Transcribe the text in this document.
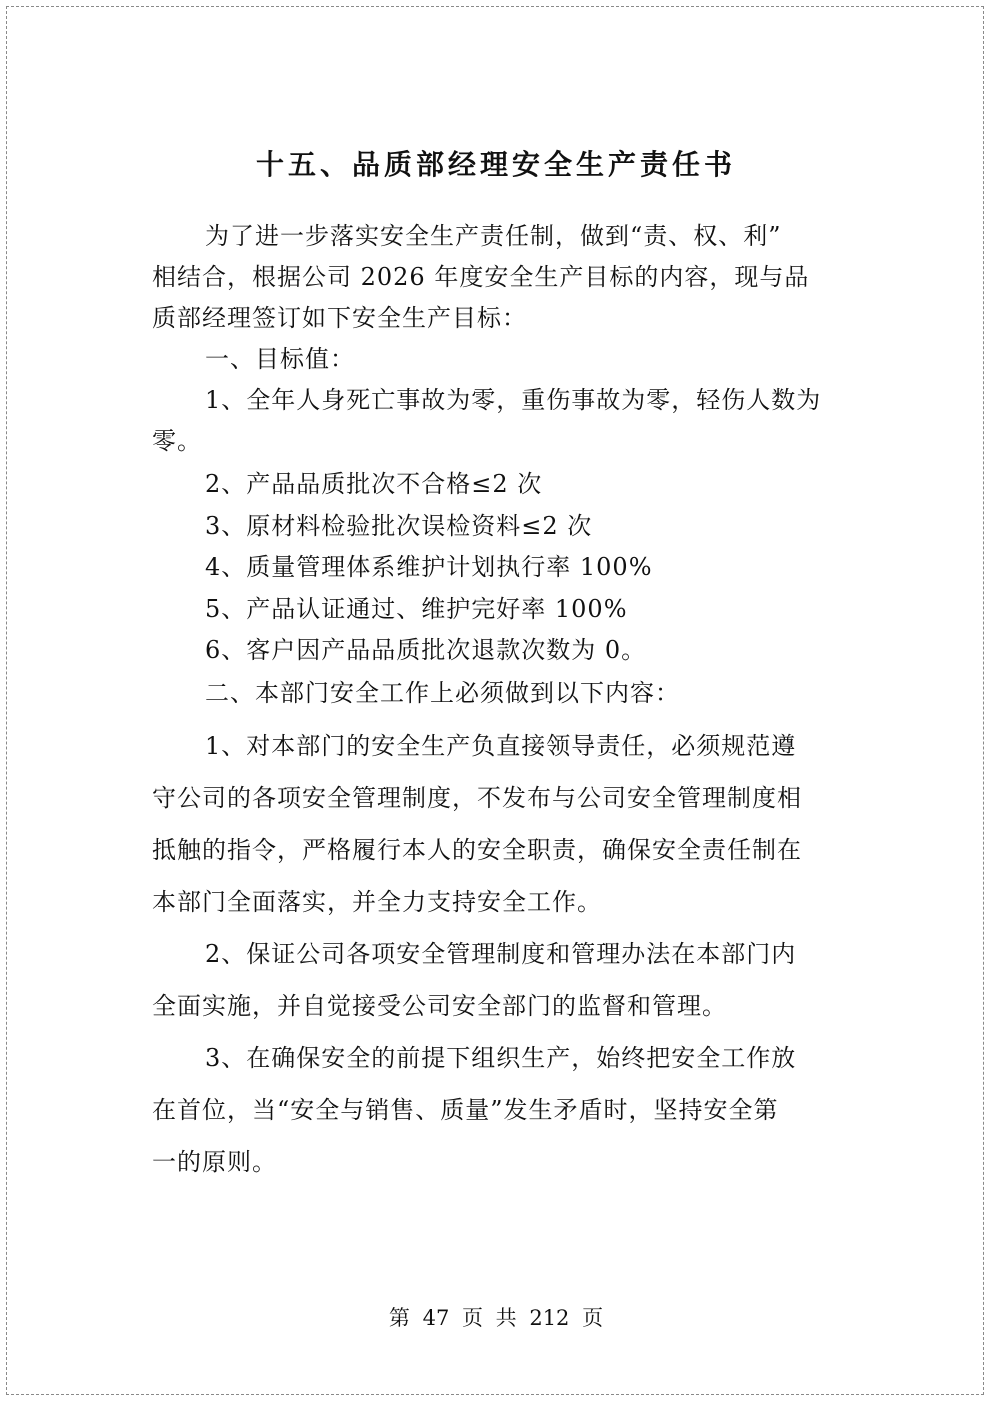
十五、品质部经理安全生产责任书
为了进一步落实安全生产责任制，做到“责、权、利”
相结合，根据公司 2026 年度安全生产目标的内容，现与品
质部经理签订如下安全生产目标：
一、目标值：
1、全年人身死亡事故为零，重伤事故为零，轻伤人数为
零。
2、产品品质批次不合格≤2 次
3、原材料检验批次误检资料≤2 次
4、质量管理体系维护计划执行率 100%
5、产品认证通过、维护完好率 100%
6、客户因产品品质批次退款次数为 0。
二、本部门安全工作上必须做到以下内容：
1、对本部门的安全生产负直接领导责任，必须规范遵
守公司的各项安全管理制度，不发布与公司安全管理制度相
抵触的指令，严格履行本人的安全职责，确保安全责任制在
本部门全面落实，并全力支持安全工作。
2、保证公司各项安全管理制度和管理办法在本部门内
全面实施，并自觉接受公司安全部门的监督和管理。
3、在确保安全的前提下组织生产，始终把安全工作放
在首位，当“安全与销售、质量”发生矛盾时，坚持安全第
一的原则。
第 47 页 共 212 页
